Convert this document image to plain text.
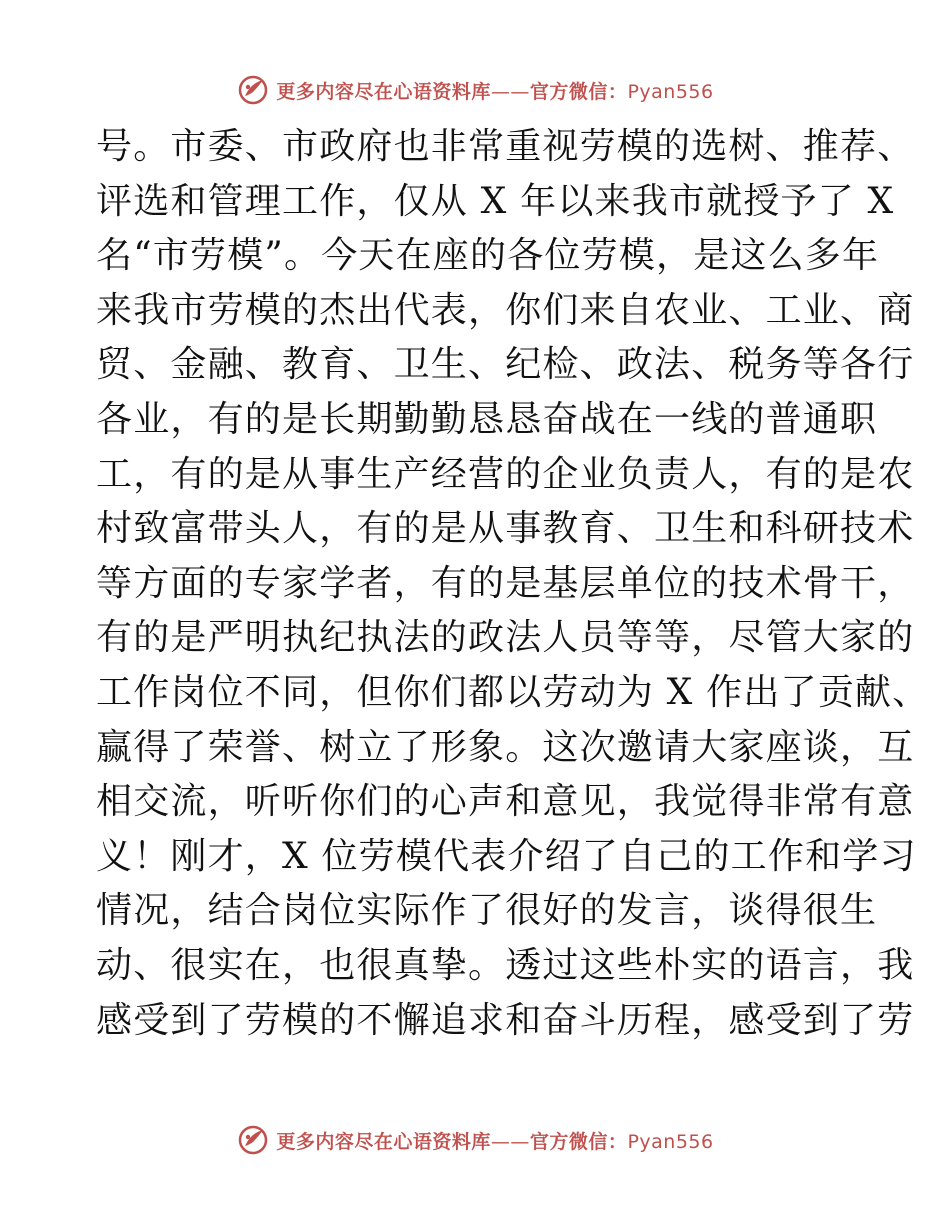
更多内容尽在心语资料库——官方微信：Pyan556
号。市委、市政府也非常重视劳模的选树、推荐、
评选和管理工作，仅从 X 年以来我市就授予了 X
名“市劳模”。今天在座的各位劳模，是这么多年
来我市劳模的杰出代表，你们来自农业、工业、商
贸、金融、教育、卫生、纪检、政法、税务等各行
各业，有的是长期勤勤恳恳奋战在一线的普通职
工，有的是从事生产经营的企业负责人，有的是农
村致富带头人，有的是从事教育、卫生和科研技术
等方面的专家学者，有的是基层单位的技术骨干，
有的是严明执纪执法的政法人员等等，尽管大家的
工作岗位不同，但你们都以劳动为 X 作出了贡献、
赢得了荣誉、树立了形象。这次邀请大家座谈，互
相交流，听听你们的心声和意见，我觉得非常有意
义！刚才，X 位劳模代表介绍了自己的工作和学习
情况，结合岗位实际作了很好的发言，谈得很生
动、很实在，也很真挚。透过这些朴实的语言，我
感受到了劳模的不懈追求和奋斗历程，感受到了劳
更多内容尽在心语资料库——官方微信：Pyan556
